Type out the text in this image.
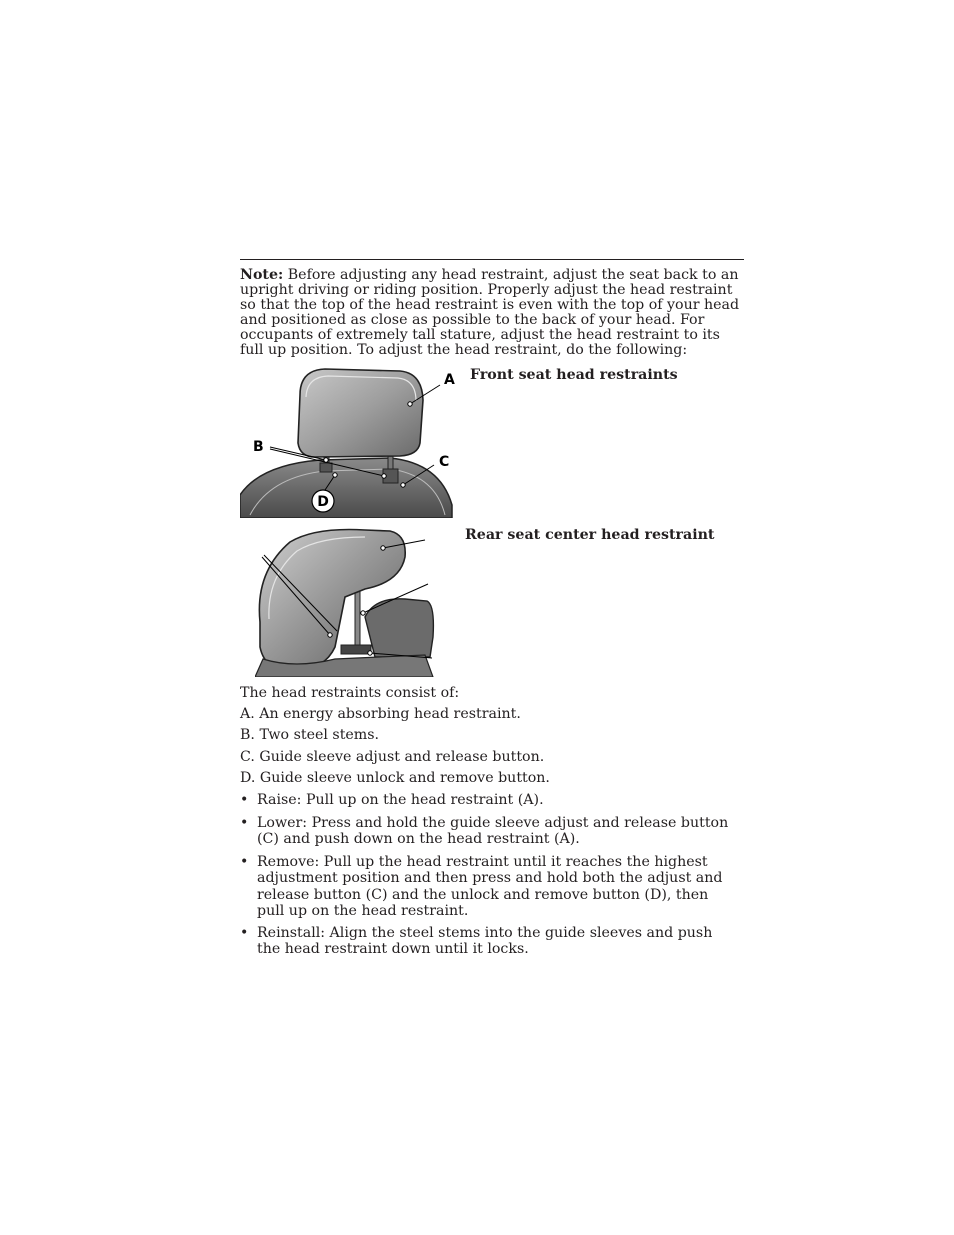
Note: Before adjusting any head restraint, adjust the seat back to an upright driving or riding position. Properly adjust the head restraint so that the top of the head restraint is even with the top of your head and positioned as close as possible to the back of your head. For occupants of extremely tall stature, adjust the head restraint to its full up position. To adjust the head restraint, do the following:

D
A
B
C

Front seat head restraints

Rear seat center head restraint

The head restraints consist of:

A. An energy absorbing head restraint.

B. Two steel stems.

C. Guide sleeve adjust and release button.

D. Guide sleeve unlock and remove button.

• Raise: Pull up on the head restraint (A).

• Lower: Press and hold the guide sleeve adjust and release button (C) and push down on the head restraint (A).

• Remove: Pull up the head restraint until it reaches the highest adjustment position and then press and hold both the adjust and release button (C) and the unlock and remove button (D), then pull up on the head restraint.

• Reinstall: Align the steel stems into the guide sleeves and push the head restraint down until it locks.
